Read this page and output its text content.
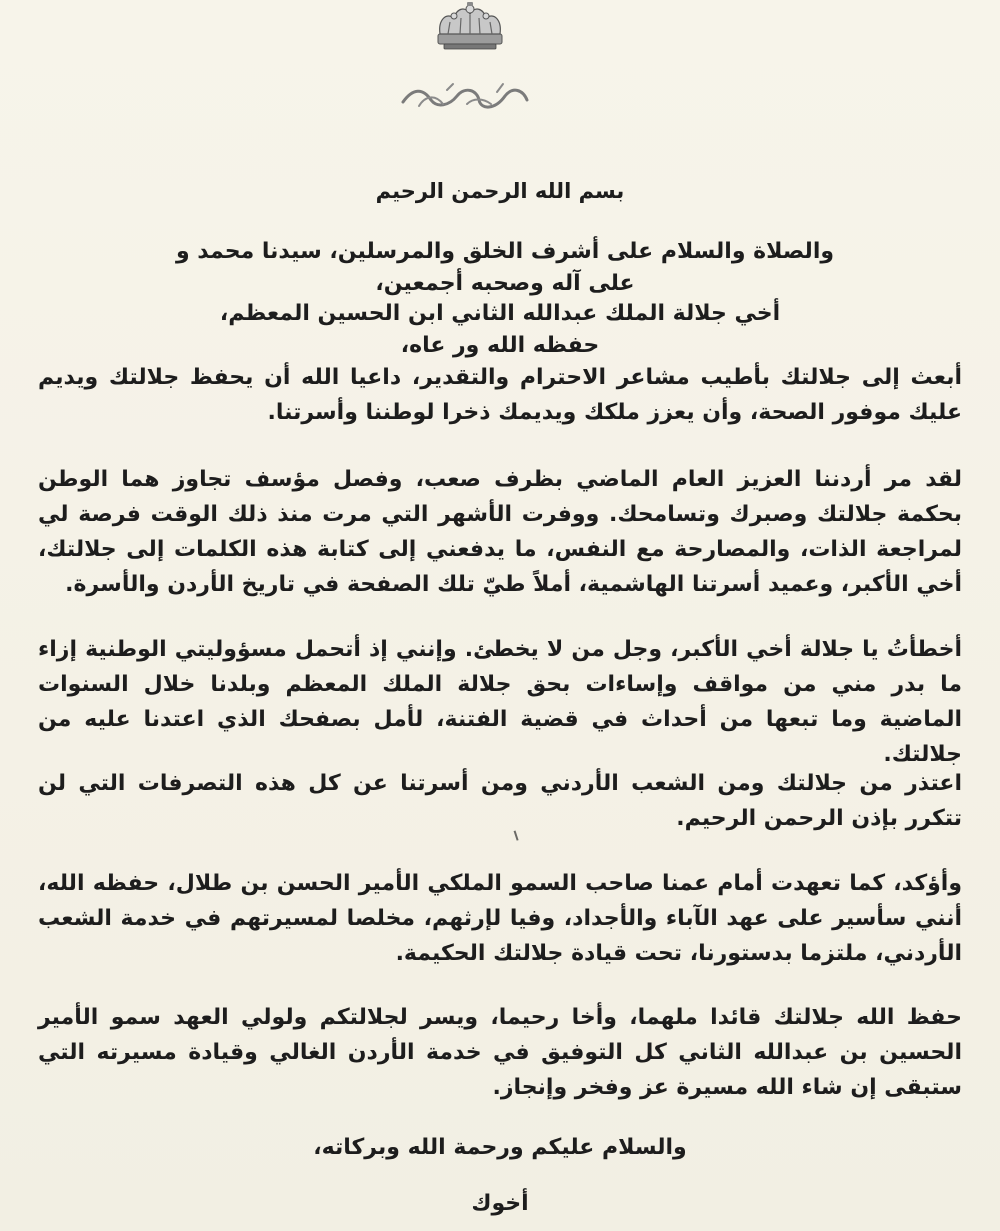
بسم الله الرحمن الرحيم

والصلاة والسلام على أشرف الخلق والمرسلين، سيدنا محمد و على آله وصحبه أجمعين،

أخي جلالة الملك عبدالله الثاني ابن الحسين المعظم، حفظه الله ور عاه،

أبعث إلى جلالتك بأطيب مشاعر الاحترام والتقدير، داعيا الله أن يحفظ جلالتك ويديم عليك موفور الصحة، وأن يعزز ملكك ويديمك ذخرا لوطننا وأسرتنا.

لقد مر أردننا العزيز العام الماضي بظرف صعب، وفصل مؤسف تجاوز هما الوطن بحكمة جلالتك وصبرك وتسامحك. ووفرت الأشهر التي مرت منذ ذلك الوقت فرصة لي لمراجعة الذات، والمصارحة مع النفس، ما يدفعني إلى كتابة هذه الكلمات إلى جلالتك، أخي الأكبر، وعميد أسرتنا الهاشمية، أملاً طيّ تلك الصفحة في تاريخ الأردن والأسرة.

أخطأتُ يا جلالة أخي الأكبر، وجل من لا يخطئ. وإنني إذ أتحمل مسؤوليتي الوطنية إزاء ما بدر مني من مواقف وإساءات بحق جلالة الملك المعظم وبلدنا خلال السنوات الماضية وما تبعها من أحداث في قضية الفتنة، لأمل بصفحك الذي اعتدنا عليه من جلالتك.

اعتذر من جلالتك ومن الشعب الأردني ومن أسرتنا عن كل هذه التصرفات التي لن تتكرر بإذن الرحمن الرحيم.

وأؤكد، كما تعهدت أمام عمنا صاحب السمو الملكي الأمير الحسن بن طلال، حفظه الله، أنني سأسير على عهد الآباء والأجداد، وفيا لإرثهم، مخلصا لمسيرتهم في خدمة الشعب الأردني، ملتزما بدستورنا، تحت قيادة جلالتك الحكيمة.

حفظ الله جلالتك قائدا ملهما، وأخا رحيما، ويسر لجلالتكم ولولي العهد سمو الأمير الحسين بن عبدالله الثاني كل التوفيق في خدمة الأردن الغالي وقيادة مسيرته التي ستبقى إن شاء الله مسيرة عز وفخر وإنجاز.

والسلام عليكم ورحمة الله وبركاته،

أخوك
